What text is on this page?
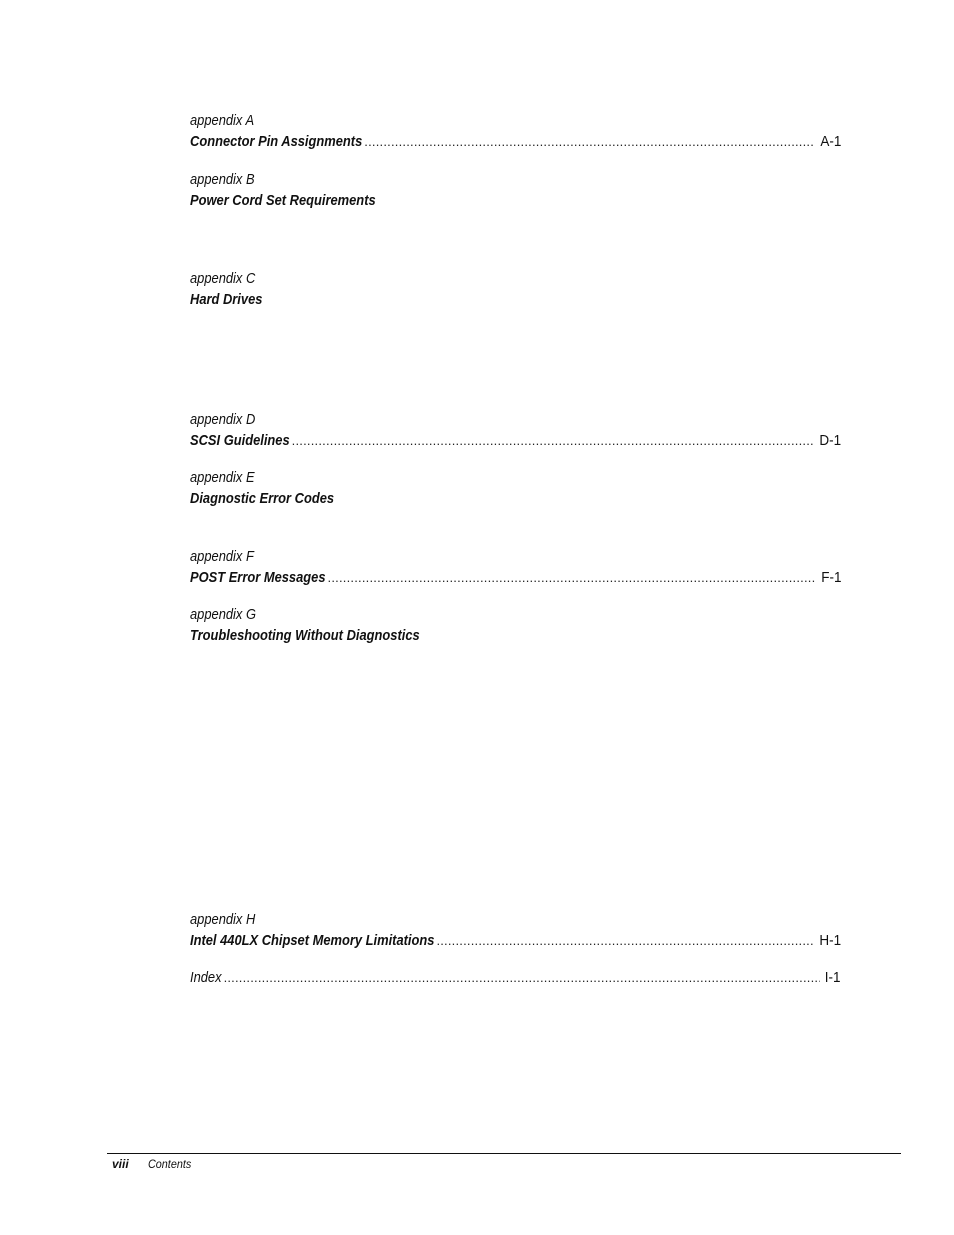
appendix A
Connector Pin Assignments .....	A-1
appendix B
Power Cord Set Requirements
appendix C
Hard Drives
appendix D
SCSI Guidelines .....	D-1
appendix E
Diagnostic Error Codes
appendix F
POST Error Messages .....	F-1
appendix G
Troubleshooting Without Diagnostics
appendix H
Intel 440LX Chipset Memory Limitations .....	H-1
Index .....	I-1
viii Contents
